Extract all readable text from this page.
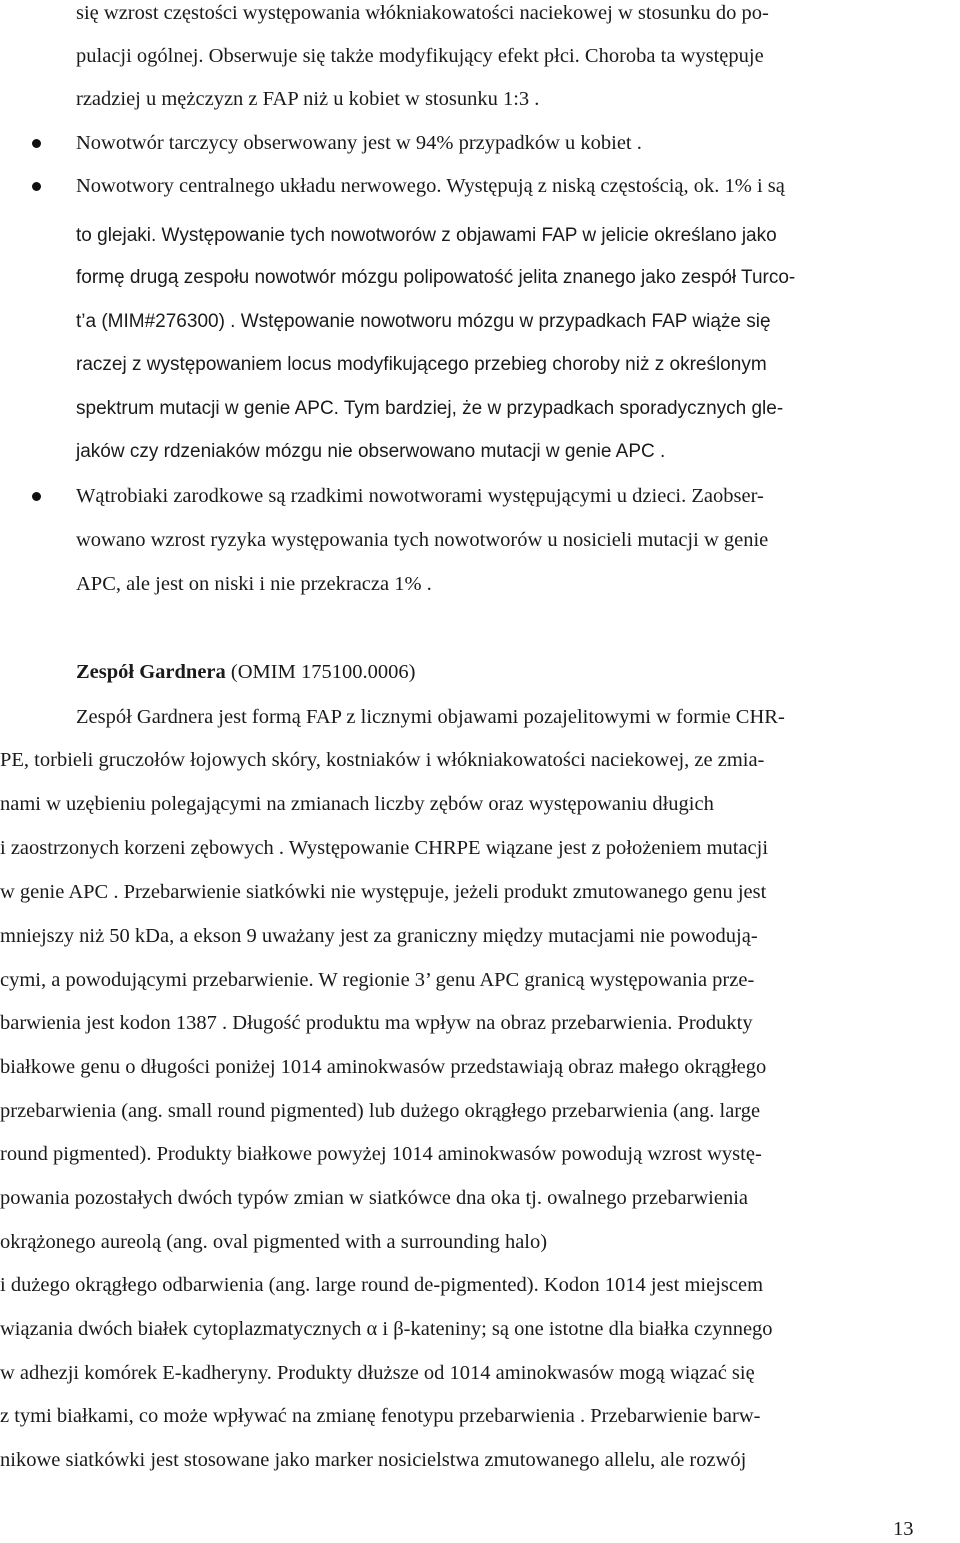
się wzrost częstości występowania włókniakowatości naciekowej w stosunku do po-
pulacji ogólnej. Obserwuje się także modyfikujący efekt płci. Choroba ta występuje
rzadziej u mężczyzn z FAP niż u kobiet w stosunku 1:3 .
Nowotwór tarczycy obserwowany jest w 94% przypadków u kobiet .
Nowotwory centralnego układu nerwowego. Występują z niską częstością, ok. 1% i są
to glejaki. Występowanie tych nowotworów z objawami FAP w jelicie określano jako
formę drugą zespołu nowotwór mózgu polipowatość jelita znanego jako zespół Turco-
t’a (MIM#276300) . Wstępowanie nowotworu mózgu w przypadkach FAP wiąże się
raczej z występowaniem locus modyfikującego przebieg choroby niż z określonym
spektrum mutacji w genie APC. Tym bardziej, że w przypadkach sporadycznych gle-
jaków czy rdzeniaków mózgu nie obserwowano mutacji w genie APC .
Wątrobiaki zarodkowe są rzadkimi nowotworami występującymi u dzieci. Zaobser-
wowano wzrost ryzyka występowania tych nowotworów u nosicieli mutacji w genie
APC, ale jest on niski i nie przekracza 1% .
Zespół Gardnera (OMIM 175100.0006)
Zespół Gardnera jest formą FAP z licznymi objawami pozajelitowymi w formie CHR-
PE, torbieli gruczołów łojowych skóry, kostniaków i włókniakowatości naciekowej, ze zmia-
nami w uzębieniu polegającymi na zmianach liczby zębów oraz występowaniu długich
i zaostrzonych korzeni zębowych . Występowanie CHRPE wiązane jest z położeniem mutacji
w genie APC . Przebarwienie siatkówki nie występuje, jeżeli produkt zmutowanego genu jest
mniejszy niż 50 kDa, a ekson 9 uważany jest za graniczny między mutacjami nie powodują-
cymi, a powodującymi przebarwienie. W regionie 3’ genu APC granicą występowania prze-
barwienia jest kodon 1387 . Długość produktu ma wpływ na obraz przebarwienia. Produkty
białkowe genu o długości poniżej 1014 aminokwasów przedstawiają obraz małego okrągłego
przebarwienia (ang. small round pigmented) lub dużego okrągłego przebarwienia (ang. large
round pigmented). Produkty białkowe powyżej 1014 aminokwasów powodują wzrost wystę-
powania pozostałych dwóch typów zmian w siatkówce dna oka tj. owalnego przebarwienia
okrążonego aureolą (ang. oval pigmented with a surrounding halo)
i dużego okrągłego odbarwienia (ang. large round de-pigmented). Kodon 1014 jest miejscem
wiązania dwóch białek cytoplazmatycznych α i β-kateniny; są one istotne dla białka czynnego
w adhezji komórek E-kadheryny. Produkty dłuższe od 1014 aminokwasów mogą wiązać się
z tymi białkami, co może wpływać na zmianę fenotypu przebarwienia . Przebarwienie barw-
nikowe siatkówki jest stosowane jako marker nosicielstwa zmutowanego allelu, ale rozwój
13
